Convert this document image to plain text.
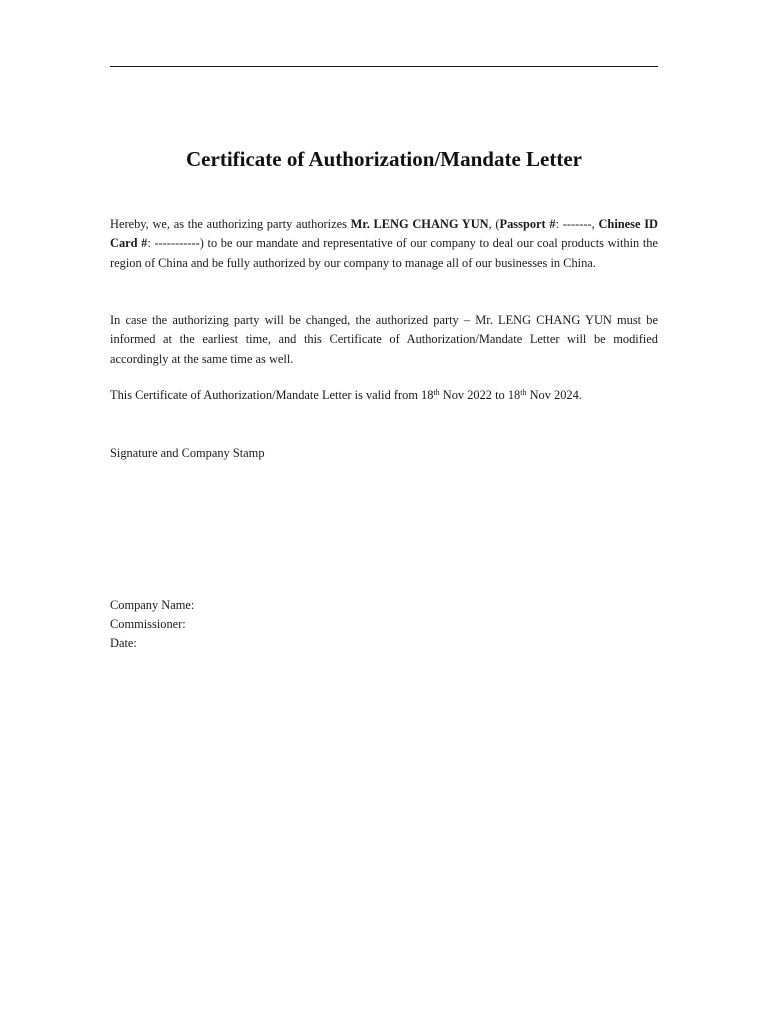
Certificate of Authorization/Mandate Letter

Hereby, we, as the authorizing party authorizes Mr. LENG CHANG YUN, (Passport #: -------, Chinese ID Card #: -----------) to be our mandate and representative of our company to deal our coal products within the region of China and be fully authorized by our company to manage all of our businesses in China.

In case the authorizing party will be changed, the authorized party – Mr. LENG CHANG YUN must be informed at the earliest time, and this Certificate of Authorization/Mandate Letter will be modified accordingly at the same time as well.

This Certificate of Authorization/Mandate Letter is valid from 18th Nov 2022 to 18th Nov 2024.

Signature and Company Stamp

Company Name:

Commissioner:

Date:
